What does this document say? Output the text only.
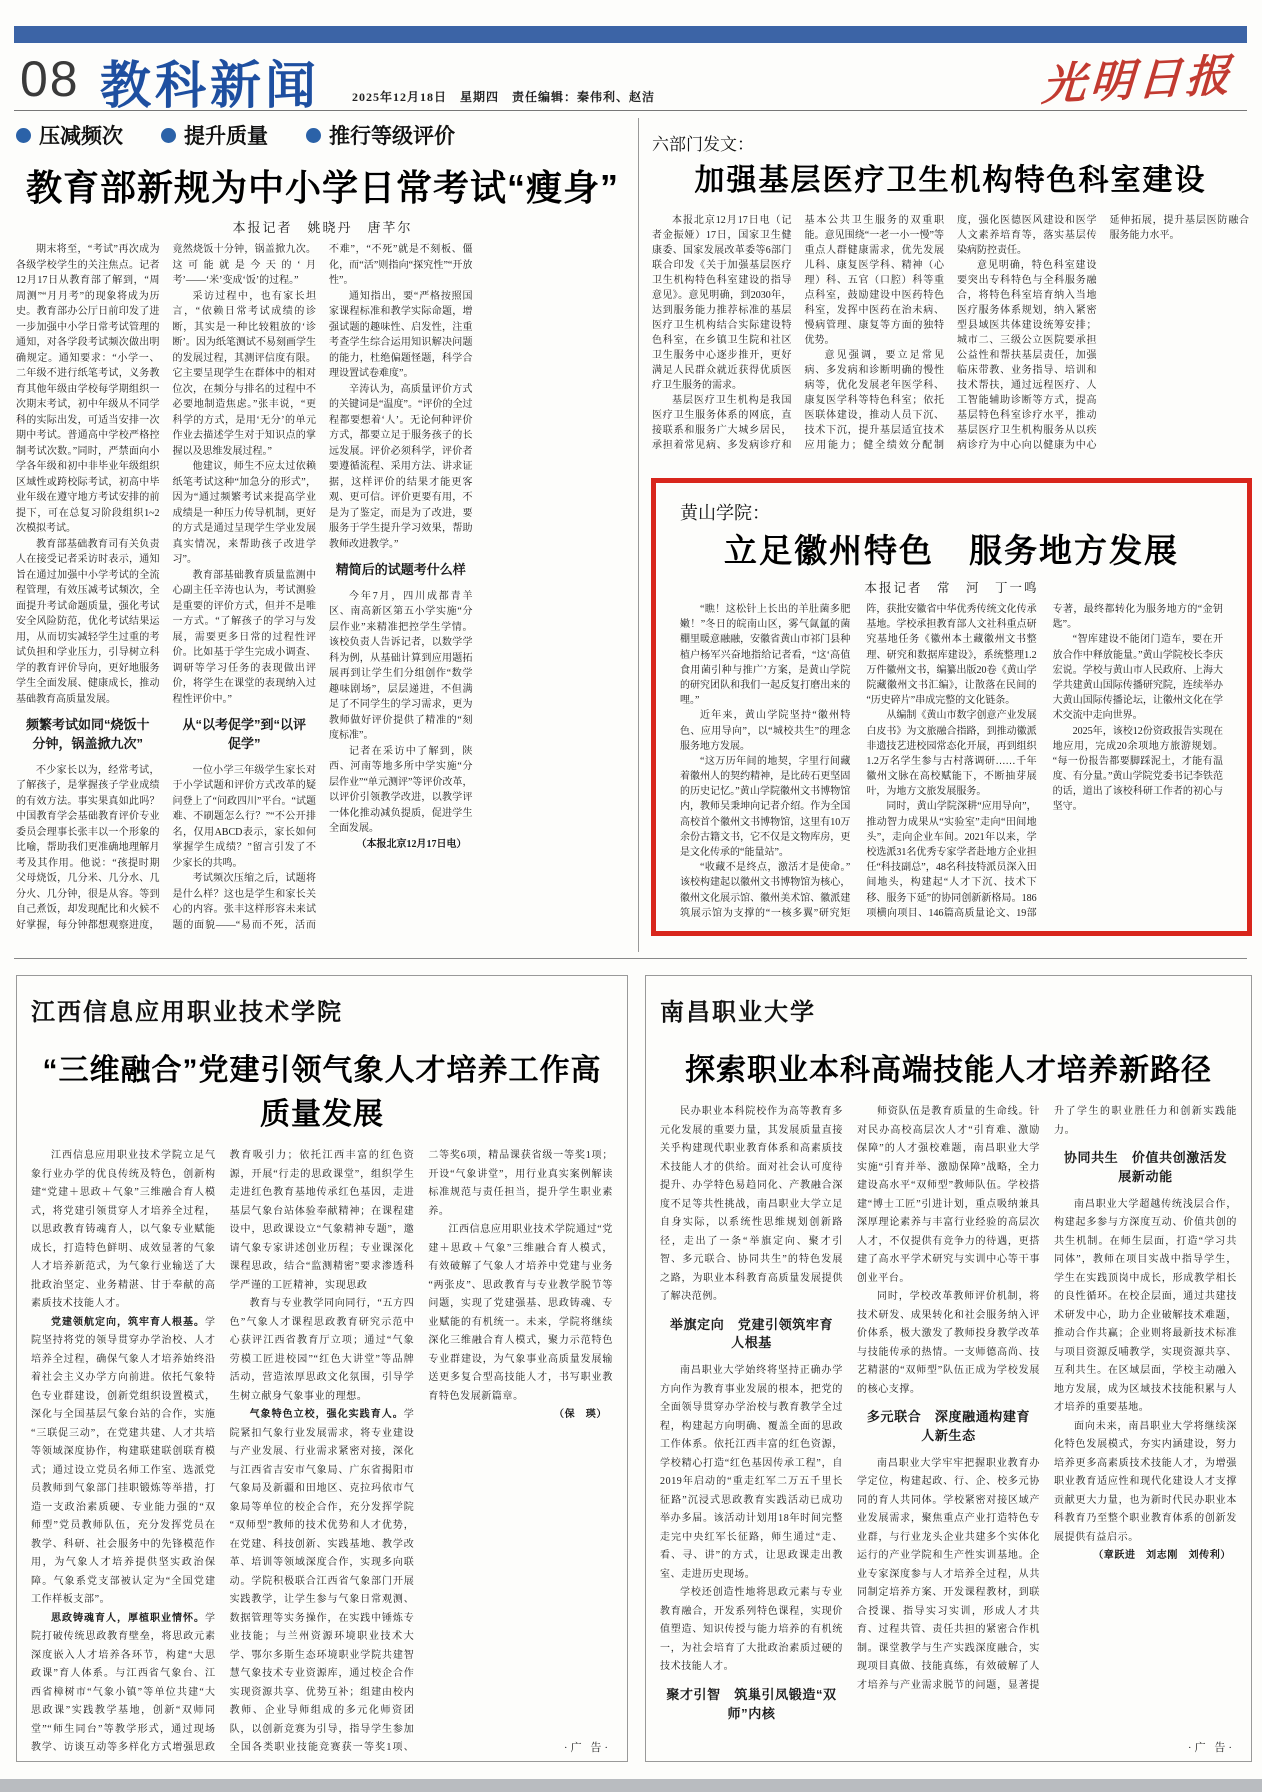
08 教科新闻	2025年12月18日　星期四　责任编辑：秦伟利、赵洁	光明日报
压减频次	提升质量	推行等级评价
教育部新规为中小学日常考试“瘦身”
本报记者　姚晓丹　唐芊尔

期末将至，“考试”再次成为各级学校学生的关注焦点。记者12月17日从教育部了解到，“周周测”“月月考”的现象将成为历史。教育部办公厅日前印发了进一步加强中小学日常考试管理的通知，对各学段考试频次做出明确规定。通知要求：“小学一、二年级不进行纸笔考试，义务教育其他年级由学校每学期组织一次期末考试，初中年级从不同学科的实际出发，可适当安排一次期中考试。普通高中学校严格控制考试次数。”同时，严禁面向小学各年级和初中非毕业年级组织区域性或跨校际考试，初高中毕业年级在遵守地方考试安排的前提下，可在总复习阶段组织1~2次模拟考试。

教育部基础教育司有关负责人在接受记者采访时表示，通知旨在通过加强中小学考试的全流程管理，有效压减考试频次，全面提升考试命题质量，强化考试安全风险防范，优化考试结果运用，从而切实减轻学生过重的考试负担和学业压力，引导树立科学的教育评价导向，更好地服务学生全面发展、健康成长，推动基础教育高质量发展。

频繁考试如同“烧饭十分钟，锅盖掀九次”

不少家长以为，经常考试，了解孩子，是掌握孩子学业成绩的有效方法。事实果真如此吗？中国教育学会基础教育评价专业委员会理事长张丰以一个形象的比喻，帮助我们更准确地理解月考及其作用。他说：“孩提时期父母烧饭，几分米、几分水、几分火、几分钟，很是从容。等到自己煮饭，却发现配比和火候不好掌握，每分钟都想观察进度，竟然烧饭十分钟，锅盖掀九次。这可能就是今天的‘月考’——‘米’变成‘饭’的过程。”

采访过程中，也有家长坦言，“依赖日常考试成绩的诊断，其实是一种比较粗放的‘诊断’。因为纸笔测试不易刻画学生的发展过程，其测评信度有限。它主要呈现学生在群体中的相对位次，在频分与排名的过程中不必要地制造焦虑。”张丰说，“更科学的方式，是用‘无分’的单元作业去描述学生对于知识点的掌握以及思维发展过程。”

他建议，师生不应太过依赖纸笔考试这种“加急分的形式”，因为“通过频繁考试来提高学业成绩是一种压力传导机制，更好的方式是通过呈现学生学业发展真实情况，来帮助孩子改进学习”。

教育部基础教育质量监测中心副主任辛涛也认为，考试测验是重要的评价方式，但并不是唯一方式。“了解孩子的学习与发展，需要更多日常的过程性评价。比如基于学生完成小调查、调研等学习任务的表现做出评价，将学生在课堂的表现纳入过程性评价中。”

从“以考促学”到“以评促学”

一位小学三年级学生家长对于小学试题和评价方式改革的疑问登上了“问政四川”平台。“试题难、不刷题怎么行？”“不公开排名，仅用ABCD表示，家长如何掌握学生成绩？”留言引发了不少家长的共鸣。

考试频次压缩之后，试题将是什么样？这也是学生和家长关心的内容。张丰这样形容未来试题的面貌——“易而不死，活而不难”，“不死”就是不刻板、僵化，而“活”则指向“探究性”“开放性”。

通知指出，要“严格按照国家课程标准和教学实际命题，增强试题的趣味性、启发性，注重考查学生综合运用知识解决问题的能力，杜绝偏题怪题，科学合理设置试卷难度”。

辛涛认为，高质量评价方式的关键词是“温度”。“评价的全过程都要想着‘人’。无论何种评价方式，都要立足于服务孩子的长远发展。评价必须科学，评价者要遵循流程、采用方法、讲求证据，这样评价的结果才能更客观、更可信。评价更要有用，不是为了鉴定，而是为了改进，要服务于学生提升学习效果，帮助教师改进教学。”

精简后的试题考什么样

今年7月，四川成都青羊区、南高新区第五小学实施“分层作业”来精准把控学生学情。该校负责人告诉记者，以数学学科为例，从基础计算到应用题拓展再到让学生们分组创作“数学趣味剧场”，层层递进，不但满足了不同学生的学习需求，更为教师做好评价提供了精准的“刻度标准”。

记者在采访中了解到，陕西、河南等地多所中学实施“分层作业”“单元测评”等评价改革，以评价引领教学改进，以教学评一体化推动减负提质，促进学生全面发展。

（本报北京12月17日电）

六部门发文：
加强基层医疗卫生机构特色科室建设

本报北京12月17日电（记者金振娅）17日，国家卫生健康委、国家发展改革委等6部门联合印发《关于加强基层医疗卫生机构特色科室建设的指导意见》。意见明确，到2030年，达到服务能力推荐标准的基层医疗卫生机构结合实际建设特色科室，在乡镇卫生院和社区卫生服务中心逐步推开，更好满足人民群众就近获得优质医疗卫生服务的需求。

基层医疗卫生机构是我国医疗卫生服务体系的网底，直接联系和服务广大城乡居民，承担着常见病、多发病诊疗和基本公共卫生服务的双重职能。意见围绕“一老一小一慢”等重点人群健康需求，优先发展儿科、康复医学科、精神（心理）科、五官（口腔）科等重点科室，鼓励建设中医药特色科室，发挥中医药在治未病、慢病管理、康复等方面的独特优势。

意见强调，要立足常见病、多发病和诊断明确的慢性病等，优化发展老年医学科、康复医学科等特色科室；依托医联体建设，推动人员下沉、技术下沉，提升基层适宜技术应用能力；健全绩效分配制度，强化医德医风建设和医学人文素养培育等，落实基层传染病防控责任。

意见明确，特色科室建设要突出专科特色与全科服务融合，将特色科室培育纳入当地医疗服务体系规划，纳入紧密型县域医共体建设统筹安排；城市二、三级公立医院要承担公益性和帮扶基层责任，加强临床带教、业务指导、培训和技术帮扶，通过远程医疗、人工智能辅助诊断等方式，提高基层特色科室诊疗水平，推动基层医疗卫生机构服务从以疾病诊疗为中心向以健康为中心延伸拓展，提升基层医防融合服务能力水平。

黄山学院：
立足徽州特色　服务地方发展
本报记者　常　河　丁一鸣

“瞧！这松针上长出的羊肚菌多肥嫩！”冬日的皖南山区，雾气氤氲的菌棚里暖意融融，安徽省黄山市祁门县种植户杨军兴奋地指给记者看，“这‘高值食用菌引种与推广’方案，是黄山学院的研究团队和我们一起反复打磨出来的哩。”

近年来，黄山学院坚持“徽州特色、应用导向”，以“城校共生”的理念服务地方发展。

“这万历年间的地契，字里行间藏着徽州人的契约精神，是比砖石更坚固的历史记忆。”黄山学院徽州文书博物馆内，教师吴秉坤向记者介绍。作为全国高校首个徽州文书博物馆，这里有10万余份古籍文书，它不仅是文物库房，更是文化传承的“能量站”。

“收藏不是终点，激活才是使命。”该校构建起以徽州文书博物馆为核心，徽州文化展示馆、徽州美术馆、徽派建筑展示馆为支撑的“一核多翼”研究矩阵，获批安徽省中华优秀传统文化传承基地。学校承担教育部人文社科重点研究基地任务《徽州本土藏徽州文书整理、研究和数据库建设》，系统整理1.2万件徽州文书，编纂出版20卷《黄山学院藏徽州文书汇编》，让散落在民间的“历史碎片”串成完整的文化链条。

从编制《黄山市数字创意产业发展白皮书》为文旅融合指路，到推动徽派非遗技艺进校园常态化开展，再到组织1.2万名学生参与古村落调研……千年徽州文脉在高校赋能下，不断抽芽展叶，为地方文旅发展服务。

同时，黄山学院深耕“应用导向”，推动智力成果从“实验室”走向“田间地头”，走向企业车间。2021年以来，学校选派31名优秀专家学者赴地方企业担任“科技副总”，48名科技特派员深入田间地头，构建起“人才下沉、技术下移、服务下延”的协同创新新格局。186项横向项目、146篇高质量论文、19部专著，最终都转化为服务地方的“金钥匙”。

“智库建设不能闭门造车，要在开放合作中释放能量。”黄山学院校长李庆宏说。学校与黄山市人民政府、上海大学共建黄山国际传播研究院，连续举办大黄山国际传播论坛，让徽州文化在学术交流中走向世界。

2025年，该校12份资政报告实现在地应用，完成20余项地方旅游规划。“每一份报告都要脚踩泥土，才能有温度、有分量。”黄山学院党委书记李铁范的话，道出了该校科研工作者的初心与坚守。

江西信息应用职业技术学院
“三维融合”党建引领气象人才培养工作高质量发展

江西信息应用职业技术学院立足气象行业办学的优良传统及特色，创新构建“党建＋思政＋气象”三维融合育人模式，将党建引领贯穿人才培养全过程，以思政教育铸魂育人，以气象专业赋能成长，打造特色鲜明、成效显著的气象人才培养新范式，为气象行业输送了大批政治坚定、业务精湛、甘于奉献的高素质技术技能人才。

党建领航定向，筑牢育人根基。学院坚持将党的领导贯穿办学治校、人才培养全过程，确保气象人才培养始终沿着社会主义办学方向前进。依托气象特色专业群建设，创新党组织设置模式，深化与全国基层气象台站的合作，实施“三联促三动”，在党建共建、人才共培等领域深度协作，构建联建联创联育模式；通过设立党员名师工作室、选派党员教师到气象部门挂职锻炼等举措，打造一支政治素质硬、专业能力强的“双师型”党员教师队伍，充分发挥党员在教学、科研、社会服务中的先锋模范作用，为气象人才培养提供坚实政治保障。气象系党支部被认定为“全国党建工作样板支部”。

思政铸魂育人，厚植职业情怀。学院打破传统思政教育壁垒，将思政元素深度嵌入人才培养各环节，构建“大思政课”育人体系。与江西省气象台、江西省樟树市“气象小镇”等单位共建“大思政课”实践教学基地，创新“双师同堂”“师生同台”等教学形式，通过现场教学、访谈互动等多样化方式增强思政教育吸引力；依托江西丰富的红色资源，开展“行走的思政课堂”，组织学生走进红色教育基地传承红色基因，走进基层气象台站体验奉献精神；在课程建设中，思政课设立“气象精神专题”，邀请气象专家讲述创业历程；专业课深化课程思政，结合“监测精密”要求渗透科学严谨的工匠精神，实现思政

教育与专业教学同向同行，“五方四色”气象人才课程思政教育研究示范中心获评江西省教育厅立项；通过“气象劳模工匠进校园”“红色大讲堂”等品牌活动，营造浓厚思政文化氛围，引导学生树立献身气象事业的理想。

气象特色立校，强化实践育人。学院紧扣气象行业发展需求，将专业建设与产业发展、行业需求紧密对接，深化与江西省吉安市气象局、广东省揭阳市气象局及新疆和田地区、克拉玛依市气象局等单位的校企合作，充分发挥学院“双师型”教师的技术优势和人才优势，在党建、科技创新、实践基地、教学改革、培训等领域深度合作，实现多向联动。学院积极联合江西省气象部门开展实践教学，让学生参与气象日常观测、数据管理等实务操作，在实践中锤炼专业技能；与兰州资源环境职业技术大学、鄂尔多斯生态环境职业学院共建智慧气象技术专业资源库，通过校企合作实现资源共享、优势互补；组建由校内教师、企业导师组成的多元化师资团队，以创新竞赛为引导，指导学生参加全国各类职业技能竞赛获一等奖1项、二等奖6项，精品课获省级一等奖1项；开设“气象讲堂”，用行业真实案例解读标准规范与责任担当，提升学生职业素养。

江西信息应用职业技术学院通过“党建＋思政＋气象”三维融合育人模式，有效破解了气象人才培养中党建与业务“两张皮”、思政教育与专业教学脱节等问题，实现了党建强基、思政铸魂、专业赋能的有机统一。未来，学院将继续深化三维融合育人模式，聚力示范特色专业群建设，为气象事业高质量发展输送更多复合型高技能人才，书写职业教育特色发展新篇章。

（保　瑛）

·广 告·
南昌职业大学
探索职业本科高端技能人才培养新路径

民办职业本科院校作为高等教育多元化发展的重要力量，其发展质量直接关乎构建现代职业教育体系和高素质技术技能人才的供给。面对社会认可度待提升、办学特色易趋同化、产教融合深度不足等共性挑战，南昌职业大学立足自身实际，以系统性思维规划创新路径，走出了一条“举旗定向、聚才引智、多元联合、协同共生”的特色发展之路，为职业本科教育高质量发展提供了解决范例。

举旗定向　党建引领筑牢育人根基

南昌职业大学始终将坚持正确办学方向作为教育事业发展的根本，把党的全面领导贯穿办学治校与教育教学全过程，构建起方向明确、覆盖全面的思政工作体系。依托江西丰富的红色资源，学校精心打造“红色基因传承工程”，自2019年启动的“重走红军二万五千里长征路”沉浸式思政教育实践活动已成功举办多届。该活动计划用18年时间完整走完中央红军长征路，师生通过“走、看、寻、讲”的方式，让思政课走出教室、走进历史现场。

学校还创造性地将思政元素与专业教育融合，开发系列特色课程，实现价值塑造、知识传授与能力培养的有机统一，为社会培育了大批政治素质过硬的技术技能人才。

聚才引智　筑巢引凤锻造“双师”内核

师资队伍是教育质量的生命线。针对民办高校高层次人才“引育难、激励保障”的人才强校难题，南昌职业大学实施“引育并举、激励保障”战略，全力建设高水平“双师型”教师队伍。学校搭建“博士工匠”引进计划，重点吸纳兼具深厚理论素养与丰富行业经验的高层次人才，不仅提供有竞争力的待遇，更搭建了高水平学术研究与实训中心等干事创业平台。

同时，学校改革教师评价机制，将技术研发、成果转化和社会服务纳入评价体系，极大激发了教师投身教学改革与技能传承的热情。一支师德高尚、技艺精湛的“双师型”队伍正成为学校发展的核心支撑。

多元联合　深度融通构建育人新生态

南昌职业大学牢牢把握职业教育办学定位，构建起政、行、企、校多元协同的育人共同体。学校紧密对接区域产业发展需求，聚焦重点产业打造特色专业群，与行业龙头企业共建多个实体化运行的产业学院和生产性实训基地。企业专家深度参与人才培养全过程，从共同制定培养方案、开发课程教材，到联合授课、指导实习实训，形成人才共育、过程共管、责任共担的紧密合作机制。课堂教学与生产实践深度融合，实现项目真做、技能真练，有效破解了人才培养与产业需求脱节的问题，显著提升了学生的职业胜任力和创新实践能力。

协同共生　价值共创激活发展新动能

南昌职业大学超越传统浅层合作，构建起多参与方深度互动、价值共创的共生机制。在师生层面，打造“学习共同体”，教师在项目实战中指导学生，学生在实践顶岗中成长，形成教学相长的良性循环。在校企层面，通过共建技术研发中心，助力企业破解技术难题，推动合作共赢；企业则将最新技术标准与项目资源反哺教学，实现资源共享、互利共生。在区域层面，学校主动融入地方发展，成为区域技术技能积累与人才培养的重要基地。

面向未来，南昌职业大学将继续深化特色发展模式，夯实内涵建设，努力培养更多高素质技术技能人才，为增强职业教育适应性和现代化建设人才支撑贡献更大力量，也为新时代民办职业本科教育乃至整个职业教育体系的创新发展提供有益启示。

（章跃进　刘志刚　刘传利）

·广 告·
